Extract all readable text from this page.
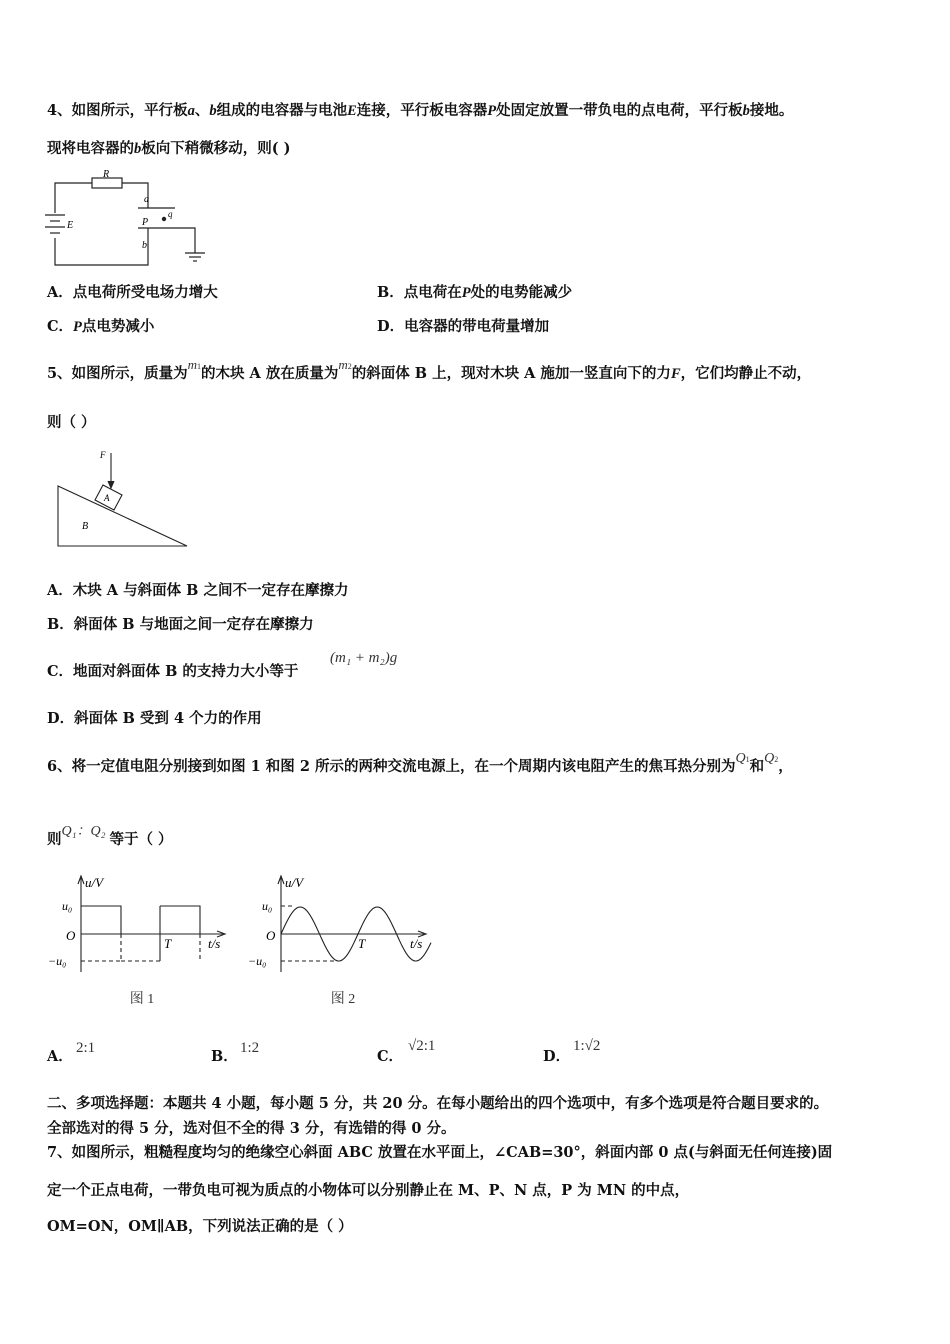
4、如图所示，平行板a、b组成的电容器与电池E连接，平行板电容器P处固定放置一带负电的点电荷，平行板b接地。
现将电容器的b板向下稍微移动，则( )
R
a
P
q
b
E
A．点电荷所受电场力增大	B．点电荷在P处的电势能减少
C．P点电势减小	D．电容器的带电荷量增加
5、如图所示，质量为m1的木块 A 放在质量为m2的斜面体 B 上，现对木块 A 施加一竖直向下的力F，它们均静止不动，
则（ ）
F
A
B
A．木块 A 与斜面体 B 之间不一定存在摩擦力
B．斜面体 B 与地面之间一定存在摩擦力
C．地面对斜面体 B 的支持力大小等于
(m₁ + m₂)g
D．斜面体 B 受到 4 个力的作用
6、将一定值电阻分别接到如图 1 和图 2 所示的两种交流电源上，在一个周期内该电阻产生的焦耳热分别为Q1和Q2，
则Q₁：Q₂ 等于（ ）
u/V
u₀
O
−u₀
T	t/s
图 1
u/V
u₀
O
−u₀
T	t/s
图 2
A． 2:1	B． 1:2	C．
√2:1
D．
1:√2
二、多项选择题：本题共 4 小题，每小题 5 分，共 20 分。在每小题给出的四个选项中，有多个选项是符合题目要求的。
全部选对的得 5 分，选对但不全的得 3 分，有选错的得 0 分。
7、如图所示，粗糙程度均匀的绝缘空心斜面 ABC 放置在水平面上，∠CAB=30°，斜面内部 0 点(与斜面无任何连接)固
定一个正点电荷，一带负电可视为质点的小物体可以分别静止在 M、P、N 点，P 为 MN 的中点，
OM=ON，OM∥AB，下列说法正确的是（ ）
